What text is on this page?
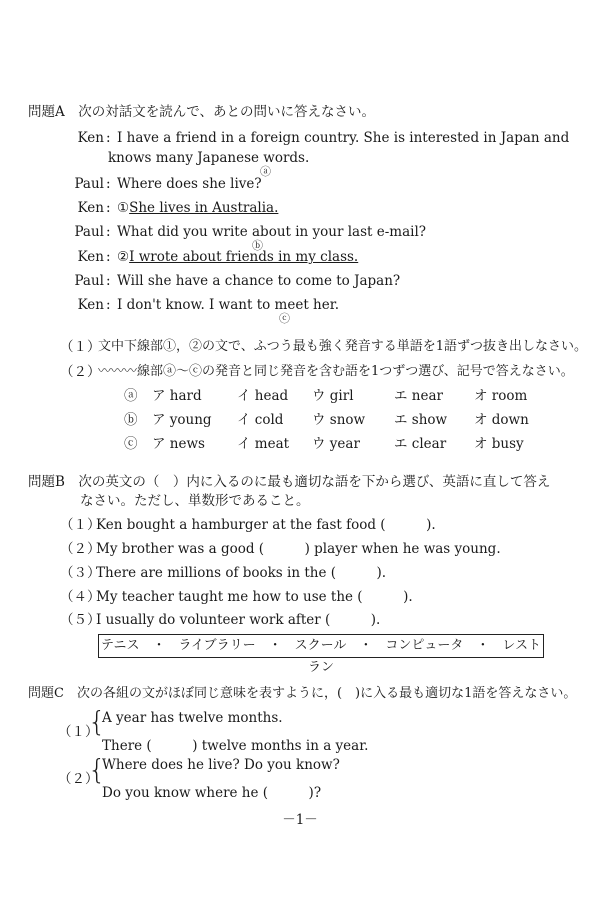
問題A　次の対話文を読んで、あとの問いに答えなさい。
Ken : I have a friend in a foreign country. She is interested in Japan and
knows many Japanese words.
ⓐ
Paul : Where does she live?
Ken : ①She lives in Australia.
Paul : What did you write about in your last e-mail?
ⓑ
Ken : ②I wrote about friends in my class.
Paul : Will she have a chance to come to Japan?
Ken : I don't know. I want to meet her.
ⓒ
（１）
文中下線部①，②の文で、ふつう最も強く発音する単語を1語ずつ抜き出しなさい。
（２）
〰〰〰線部ⓐ～ⓒの発音と同じ発音を含む語を1つずつ選び、記号で答えなさい。
ⓐ ア hard	イ head ウ girl	エ near オ room
ⓑ ア young イ cold ウ snow エ show オ down
ⓒ ア news イ meat ウ year	エ clear オ busy
問題B　次の英文の（　）内に入るのに最も適切な語を下から選び、英語に直して答え
なさい。ただし、単数形であること。
（１）
Ken bought a hamburger at the fast food (　　　).
（２）
My brother was a good (　　　) player when he was young.
（３）
There are millions of books in the (　　　).
（４）
My teacher taught me how to use the (　　　).
（５）
I usually do volunteer work after (　　　).
テニス　・　ライブラリー　・　スクール　・　コンピュータ　・　レストラン
問題C　次の各組の文がほぼ同じ意味を表すように，(　)に入る最も適切な1語を答えなさい。
（１）
{
A year has twelve months.
There (　　　) twelve months in a year.
（２）
{
Where does he live? Do you know?
Do you know where he (　　　)?
－1－
